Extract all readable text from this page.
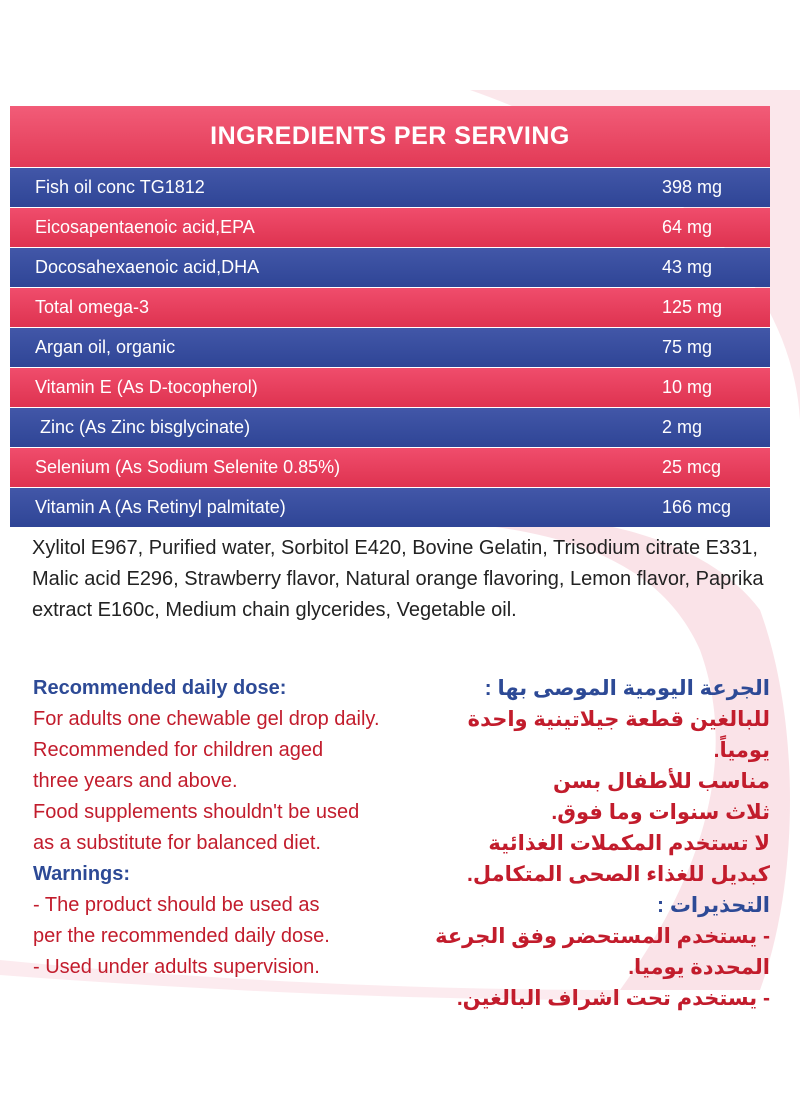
INGREDIENTS PER SERVING
Fish oil conc TG1812	398 mg
Eicosapentaenoic acid,EPA	64 mg
Docosahexaenoic acid,DHA	43 mg
Total omega-3	125 mg
Argan oil, organic	75 mg
Vitamin E (As D-tocopherol)	10 mg
Zinc (As Zinc bisglycinate)	2 mg
Selenium (As Sodium Selenite 0.85%)	25 mcg
Vitamin A (As Retinyl palmitate)	166 mcg

Xylitol E967, Purified water, Sorbitol E420, Bovine Gelatin, Trisodium citrate E331, Malic acid E296, Strawberry flavor, Natural orange flavoring, Lemon flavor, Paprika extract E160c, Medium chain glycerides, Vegetable oil.

Recommended daily dose:
For adults one chewable gel drop daily.
Recommended for children aged
three years and above.
Food supplements shouldn't be used
as a substitute for balanced diet.
Warnings:
- The product should be used as
per the recommended daily dose.
- Used under adults supervision.
الجرعة اليومية الموصى بها :
للبالغين قطعة جيلاتينية واحدة يومياً.
مناسب للأطفال بسن
ثلاث سنوات وما فوق.
لا تستخدم المكملات الغذائية
كبديل للغذاء الصحى المتكامل.
التحذيرات :
- يستخدم المستحضر وفق الجرعة
المحددة يوميا.
- يستخدم تحت اشراف البالغين.
